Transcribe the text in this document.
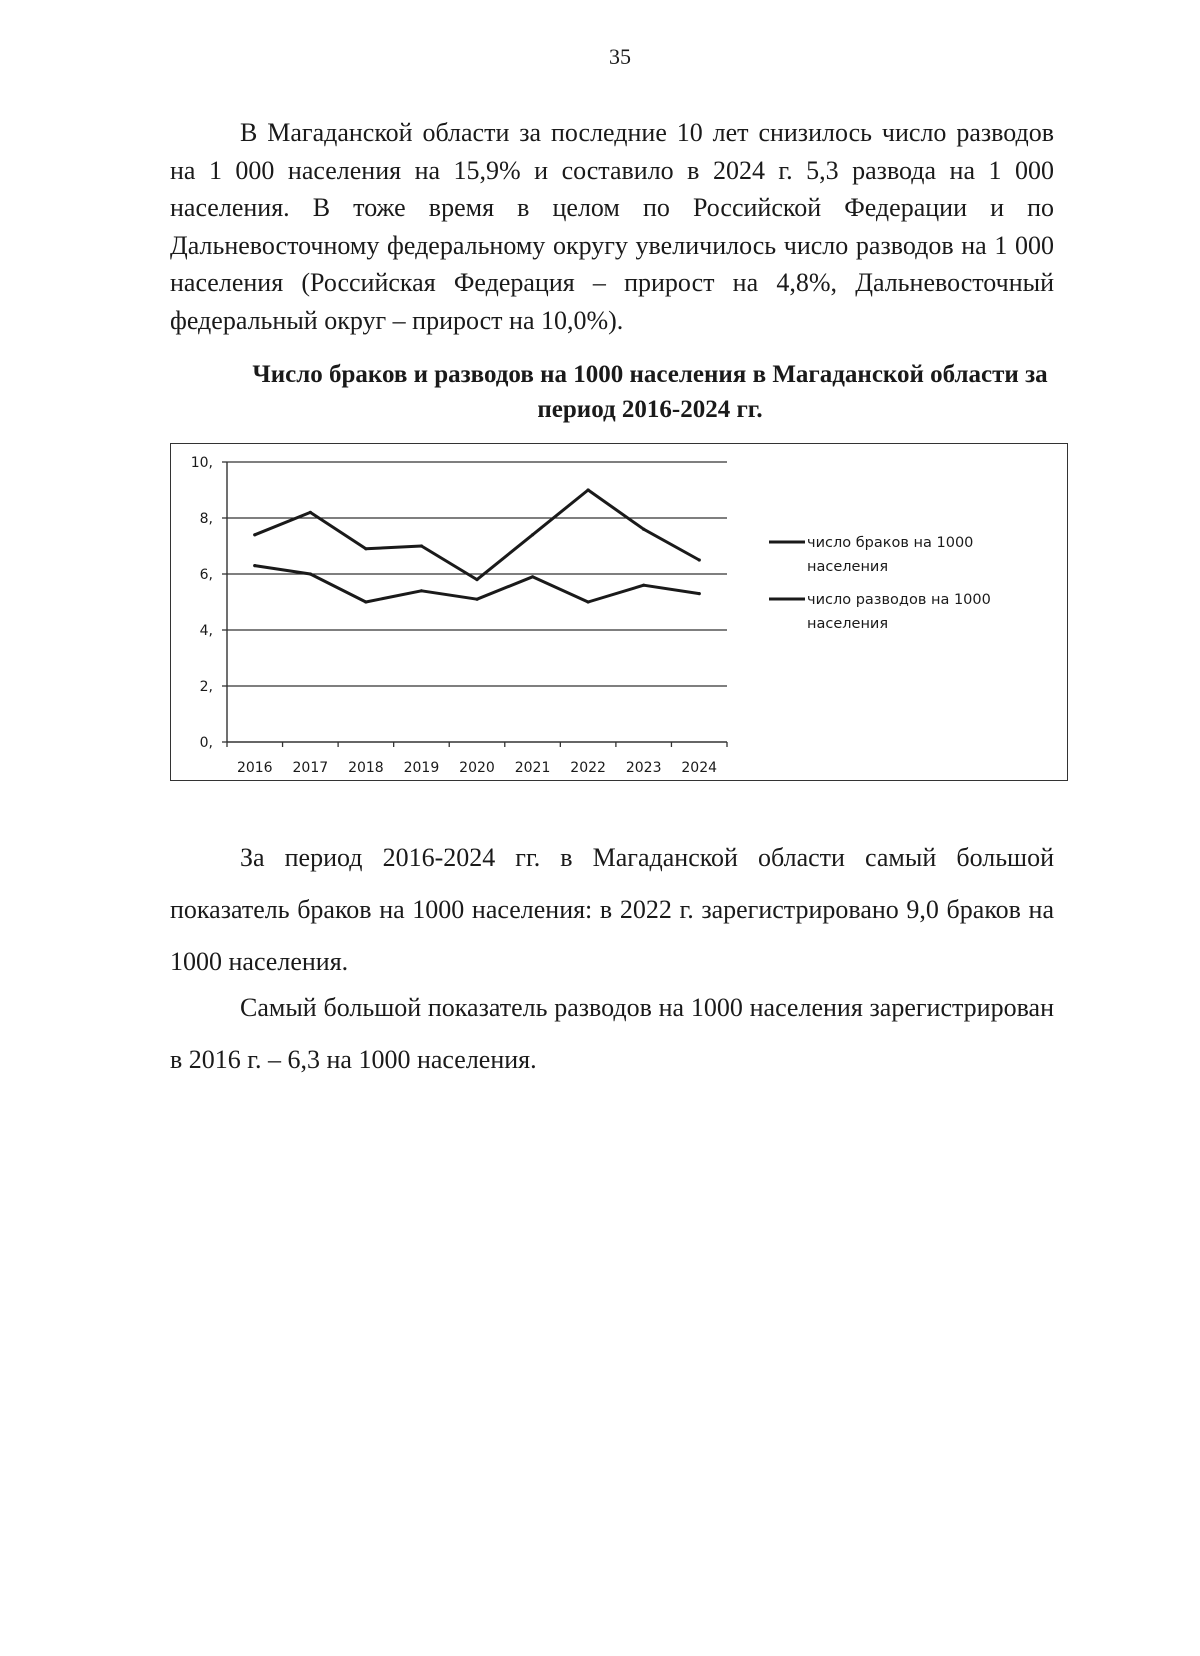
35

В Магаданской области за последние 10 лет снизилось число разводов на 1 000 населения на 15,9% и составило в 2024 г. 5,3 развода на 1 000 населения. В тоже время в целом по Российской Федерации и по Дальневосточному федеральному округу увеличилось число разводов на 1 000 населения (Российская Федерация – прирост на 4,8%, Дальневосточный федеральный округ – прирост на 10,0%).

Число браков и разводов на 1000 населения в Магаданской области за период 2016-2024 гг.
0,
2,
4,
6,
8,
10,
2016 2017 2018 2019 2020 2021 2022 2023 2024
число браков на 1000
населения
число разводов на 1000
населения

За период 2016-2024 гг. в Магаданской области самый большой показатель браков на 1000 населения: в 2022 г. зарегистрировано 9,0 браков на 1000 населения.

Самый большой показатель разводов на 1000 населения зарегистрирован в 2016 г. – 6,3 на 1000 населения.
